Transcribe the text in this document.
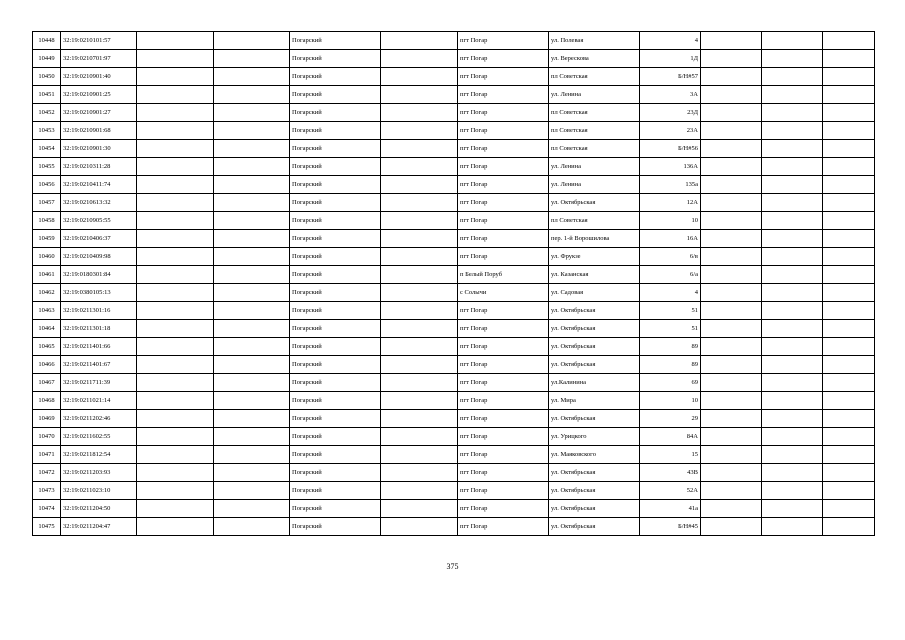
10448	32:19:0210101:57			Погарский		пгт Погар	ул. Полевая	4			
10449	32:19:0210701:97			Погарский		пгт Погар	ул. Верескова	1Д			
10450	32:19:0210901:40			Погарский		пгт Погар	пл Советская	Б/Н#57			
10451	32:19:0210901:25			Погарский		пгт Погар	ул. Ленина	3А			
10452	32:19:0210901:27			Погарский		пгт Погар	пл Советская	23Д			
10453	32:19:0210901:68			Погарский		пгт Погар	пл Советская	23А			
10454	32:19:0210901:30			Погарский		пгт Погар	пл Советская	Б/Н#56			
10455	32:19:0210311:28			Погарский		пгт Погар	ул. Ленина	136А			
10456	32:19:0210411:74			Погарский		пгт Погар	ул. Ленина	135а			
10457	32:19:0210613:32			Погарский		пгт Погар	ул. Октябрьская	12А			
10458	32:19:0210905:55			Погарский		пгт Погар	пл Советская	10			
10459	32:19:0210406:37			Погарский		пгт Погар	пер. 1-й Ворошилова	16А			
10460	32:19:0210409:98			Погарский		пгт Погар	ул. Фрукзе	6/в			
10461	32:19:0180301:84			Погарский		п Белый Поруб	ул. Казанская	6/а			
10462	32:19:0380105:13			Погарский		с Солычи	ул. Садовая	4			
10463	32:19:0211301:16			Погарский		пгт Погар	ул. Октябрьская	51			
10464	32:19:0211301:18			Погарский		пгт Погар	ул. Октябрьская	51			
10465	32:19:0211401:66			Погарский		пгт Погар	ул. Октябрьская	89			
10466	32:19:0211401:67			Погарский		пгт Погар	ул. Октябрьская	89			
10467	32:19:0211711:39			Погарский		пгт Погар	ул.Калинина	69			
10468	32:19:0211021:14			Погарский		пгт Погар	ул. Мира	10			
10469	32:19:0211202:46			Погарский		пгт Погар	ул. Октябрьская	29			
10470	32:19:0211602:55			Погарский		пгт Погар	ул. Урицкого	84А			
10471	32:19:0211812:54			Погарский		пгт Погар	ул. Маяковского	15			
10472	32:19:0211203:93			Погарский		пгт Погар	ул. Октябрьская	43В			
10473	32:19:0211023:10			Погарский		пгт Погар	ул. Октябрьская	52А			
10474	32:19:0211204:50			Погарский		пгт Погар	ул. Октябрьская	41а			
10475	32:19:0211204:47			Погарский		пгт Погар	ул. Октябрьская	Б/Н#45			
375
